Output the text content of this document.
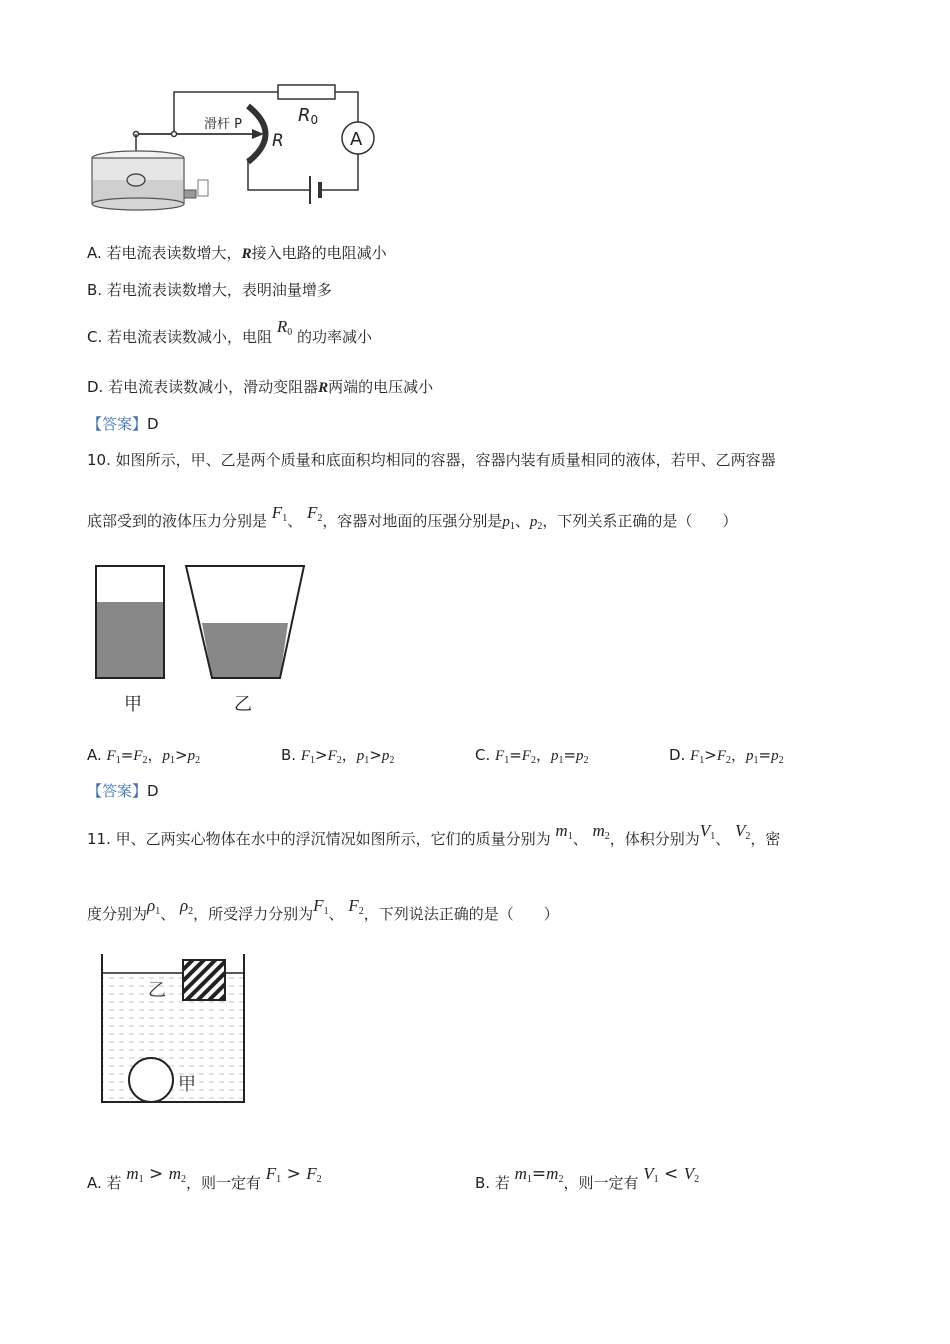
滑杆 P
R
R0
A
A. 若电流表读数增大，R接入电路的电阻减小
B. 若电流表读数增大，表明油量增多
C. 若电流表读数减小，电阻 $R_0$ 的功率减小
D. 若电流表读数减小，滑动变阻器R两端的电压减小
【答案】D
10. 如图所示，甲、乙是两个质量和底面积均相同的容器，容器内装有质量相同的液体，若甲、乙两容器
底部受到的液体压力分别是 $F_1$、 $F_2$，容器对地面的压强分别是$p_1$、$p_2$，下列关系正确的是（　　）
甲	乙
A. $F_1=F_2$，$p_1>p_2$	B. $F_1>F_2$，$p_1>p_2$	C. $F_1=F_2$，$p_1=p_2$	D. $F_1>F_2$，$p_1=p_2$
【答案】D
11. 甲、乙两实心物体在水中的浮沉情况如图所示，它们的质量分别为 $m_1$、 $m_2$，体积分别为$V_1$、 $V_2$，密
度分别为$\rho_1$、 $\rho_2$，所受浮力分别为$F_1$、 $F_2$，下列说法正确的是（　　）
乙
甲
A. 若 $m_1 > m_2$，则一定有 $F_1 > F_2$	B. 若 $m_1=m_2$，则一定有 $V_1 < V_2$
